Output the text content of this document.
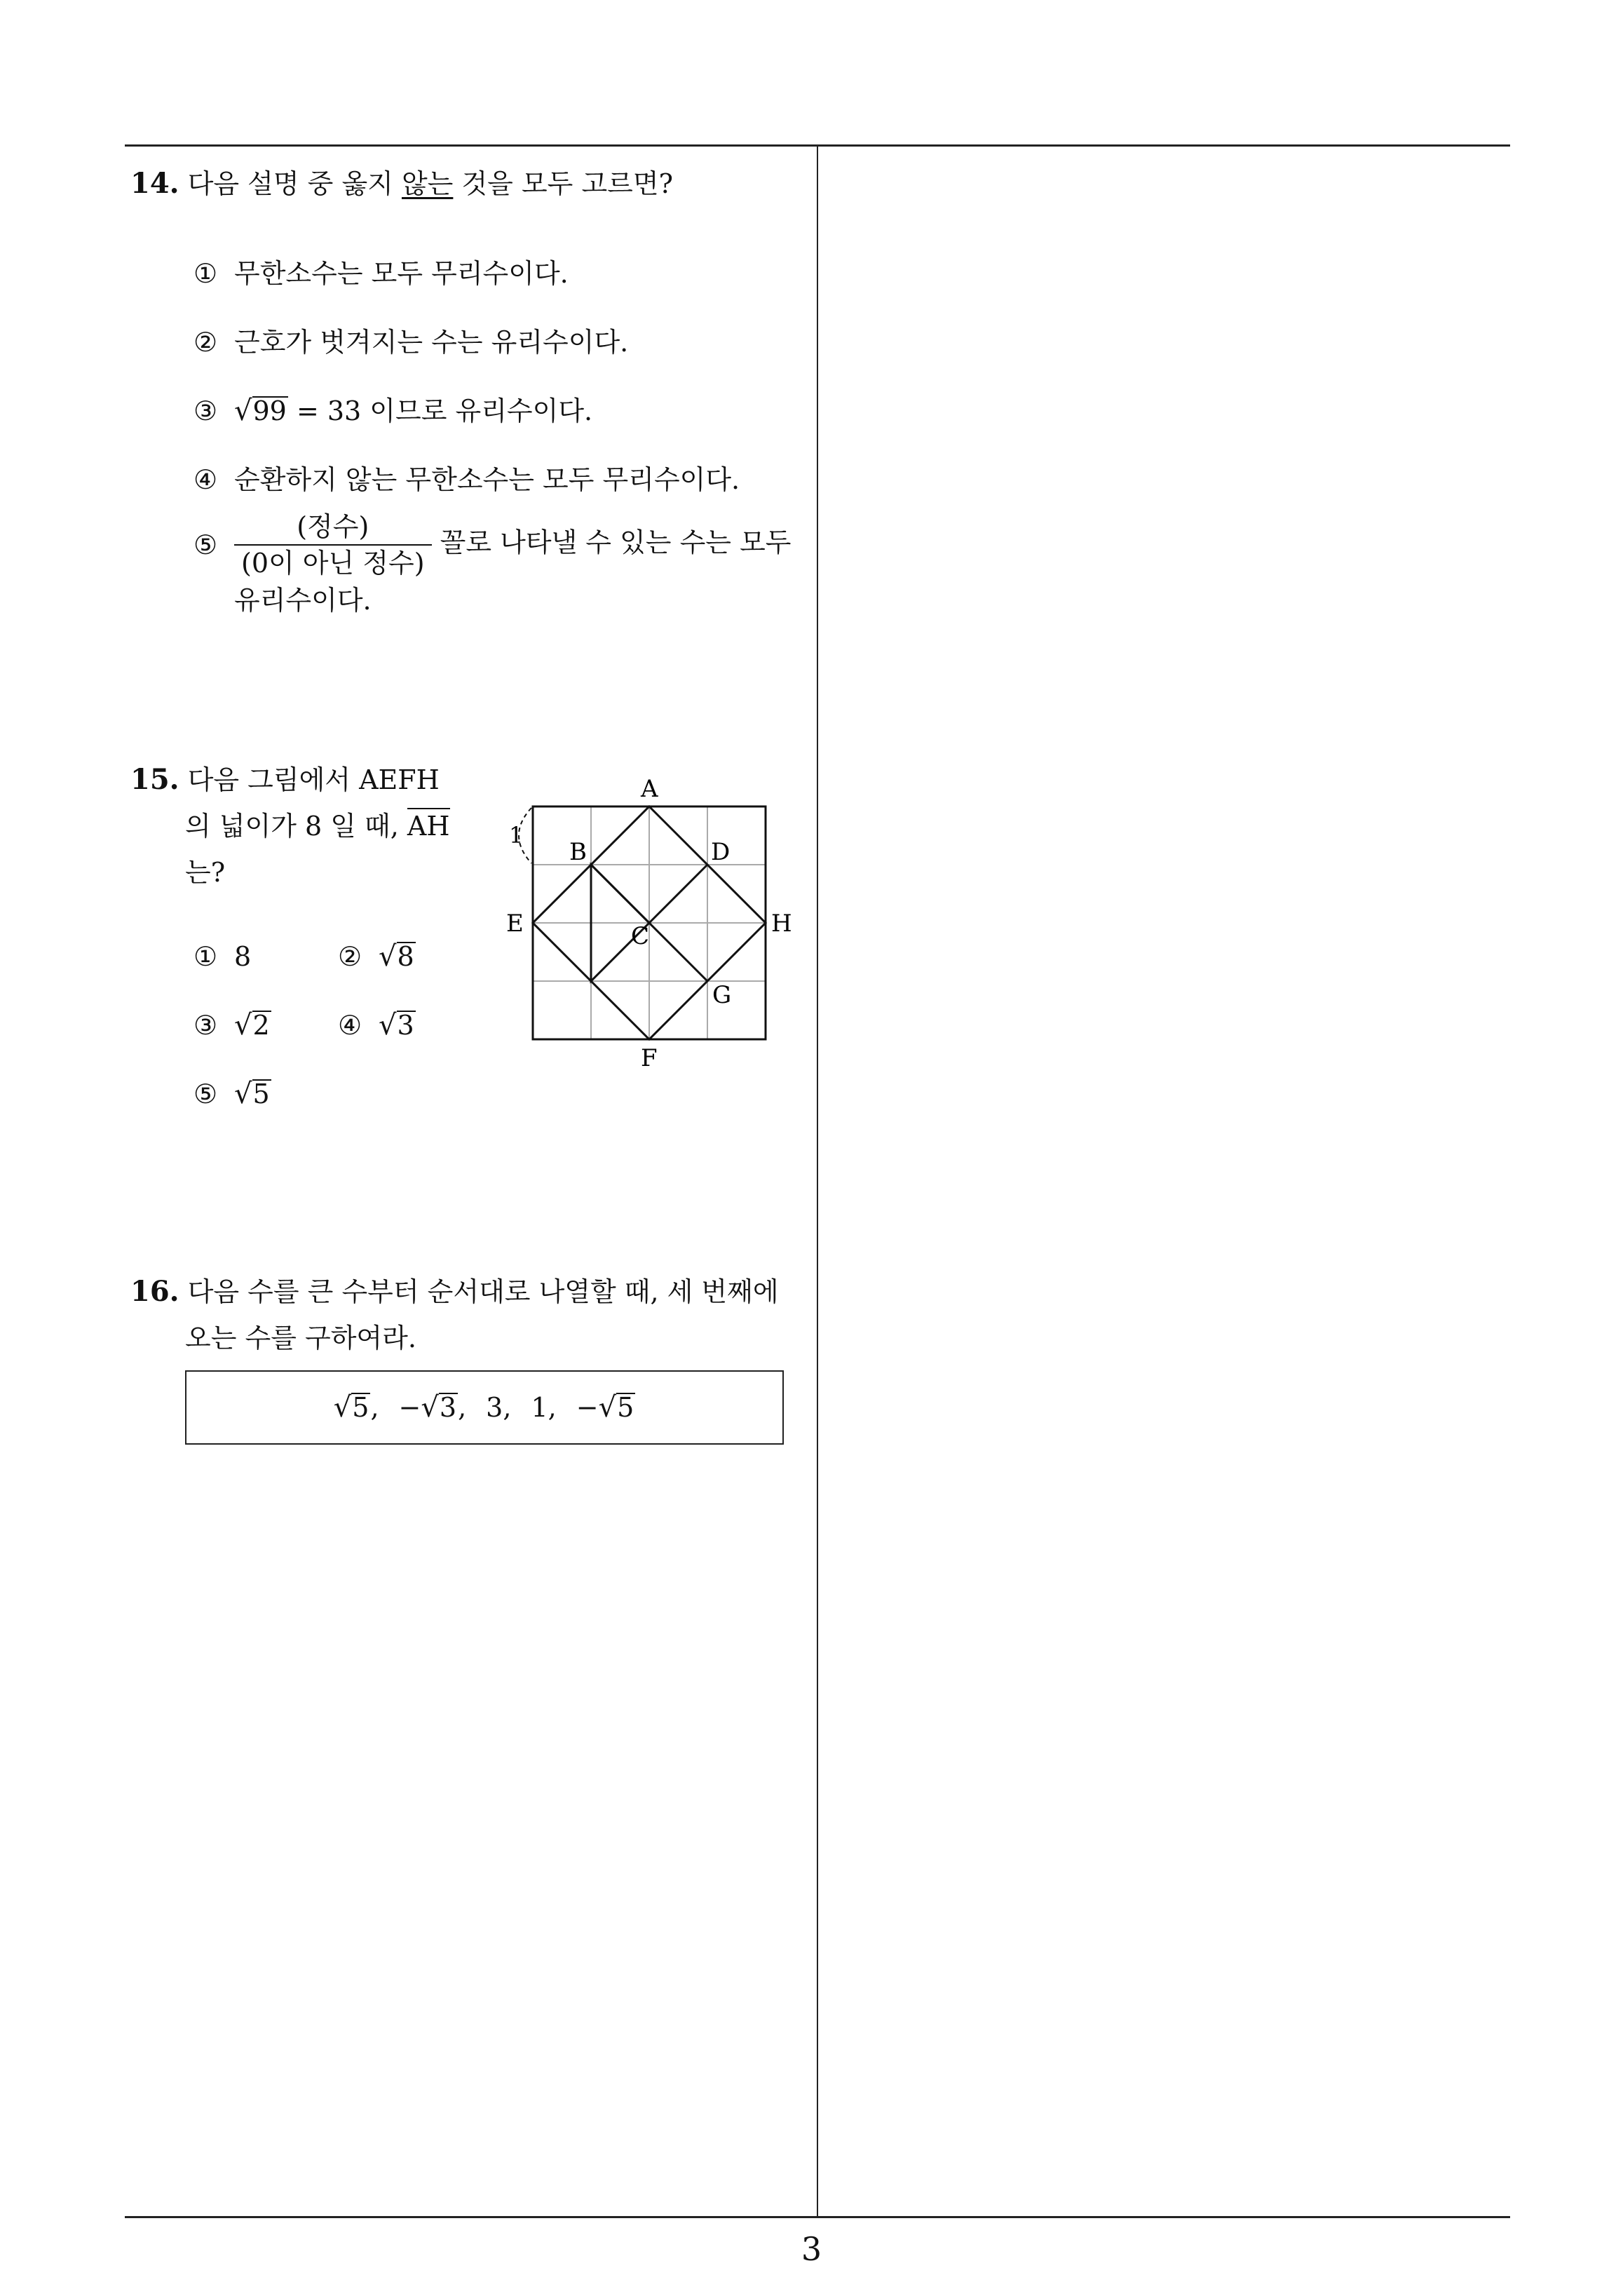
14. 다음 설명 중 옳지 않는 것을 모두 고르면?
① 무한소수는 모두 무리수이다.
② 근호가 벗겨지는 수는 유리수이다.
③ √99 = 33 이므로 유리수이다.
④ 순환하지 않는 무한소수는 모두 무리수이다.
⑤ $\frac{\text{(정수)}}{\text{(0이 아닌 정수)}}$ 꼴로 나타낼 수 있는 수는 모두
유리수이다.
15. 다음 그림에서 AEFH
의 넓이가 8 일 때, AH
는?
① 8	② √8
③ √2	④ √3
⑤ √5
1
A
B	D
E	C	H
G
F
16. 다음 수를 큰 수부터 순서대로 나열할 때, 세 번째에
오는 수를 구하여라.
√5, −√3, 3, 1, −√5
3
